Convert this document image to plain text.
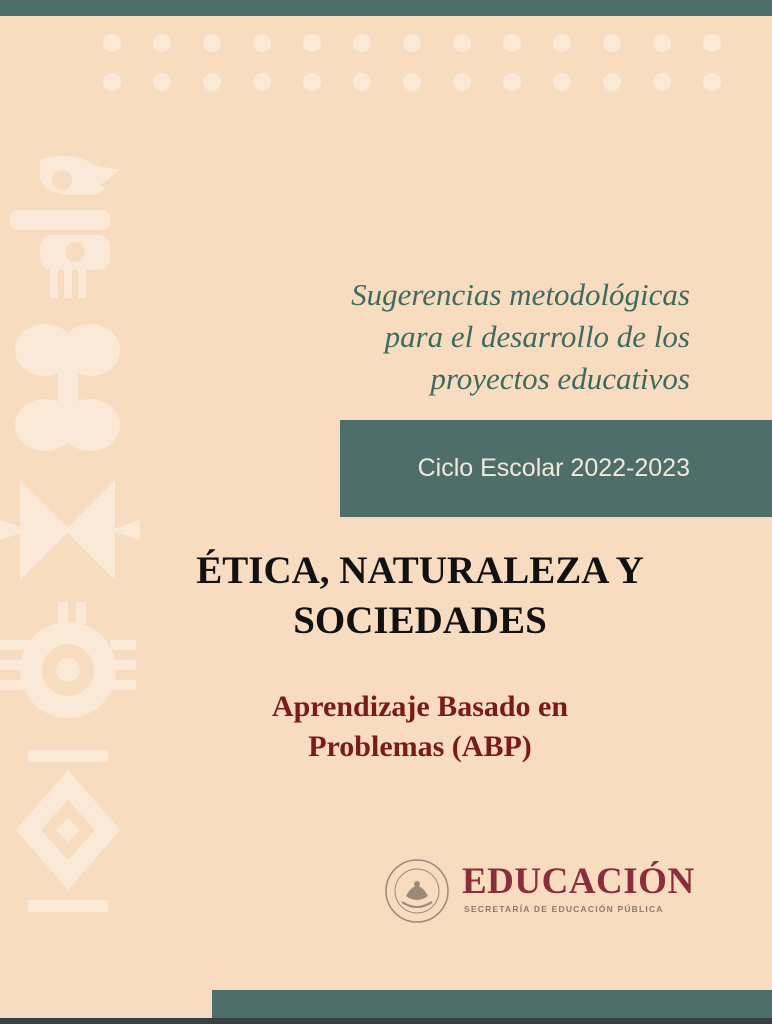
Sugerencias metodológicas
para el desarrollo de los
proyectos educativos
Ciclo Escolar 2022-2023
ÉTICA, NATURALEZA Y
SOCIEDADES
Aprendizaje Basado en
Problemas (ABP)
EDUCACIÓN
SECRETARÍA DE EDUCACIÓN PÚBLICA
